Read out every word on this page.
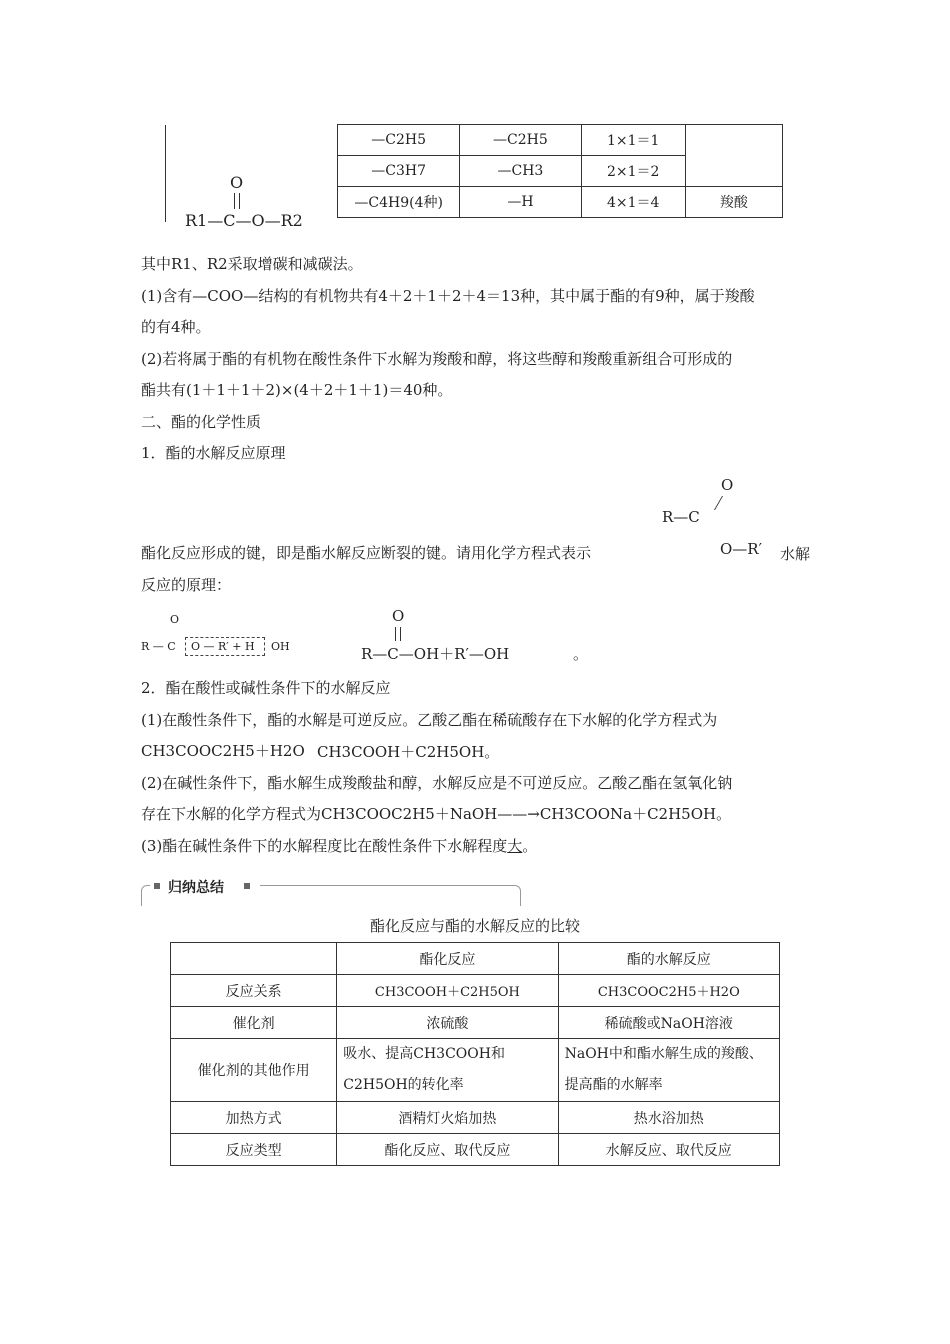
O
R1—C—O—R2
—C2H5	—C2H5	1×1＝1	
—C3H7	—CH3	2×1＝2	
—C4H9(4种)	—H	4×1＝4	羧酸
其中R1、R2采取增碳和减碳法。
(1)含有—COO—结构的有机物共有4＋2＋1＋2＋4＝13种，其中属于酯的有9种，属于羧酸
的有4种。
(2)若将属于酯的有机物在酸性条件下水解为羧酸和醇，将这些醇和羧酸重新组合可形成的
酯共有(1＋1＋1＋2)×(4＋2＋1＋1)＝40种。
二、酯的化学性质
1．酯的水解反应原理
O
R—C
O—R′
酯化反应形成的键，即是酯水解反应断裂的键。请用化学方程式表示	水解
反应的原理：
O
R — C O — R′ + H OH
O
R—C—OH＋R′—OH	。
2．酯在酸性或碱性条件下的水解反应
(1)在酸性条件下，酯的水解是可逆反应。乙酸乙酯在稀硫酸存在下水解的化学方程式为
CH3COOC2H5＋H2O CH3COOH＋C2H5OH。
(2)在碱性条件下，酯水解生成羧酸盐和醇，水解反应是不可逆反应。乙酸乙酯在氢氧化钠
存在下水解的化学方程式为CH3COOC2H5＋NaOH——→CH3COONa＋C2H5OH。
(3)酯在碱性条件下的水解程度比在酸性条件下水解程度大。
归纳总结
酯化反应与酯的水解反应的比较
	酯化反应	酯的水解反应
反应关系	CH3COOH＋C2H5OH	CH3COOC2H5＋H2O
催化剂	浓硫酸	稀硫酸或NaOH溶液
催化剂的其他作用	吸水、提高CH3COOH和C2H5OH的转化率	NaOH中和酯水解生成的羧酸、提高酯的水解率
加热方式	酒精灯火焰加热	热水浴加热
反应类型	酯化反应、取代反应	水解反应、取代反应
